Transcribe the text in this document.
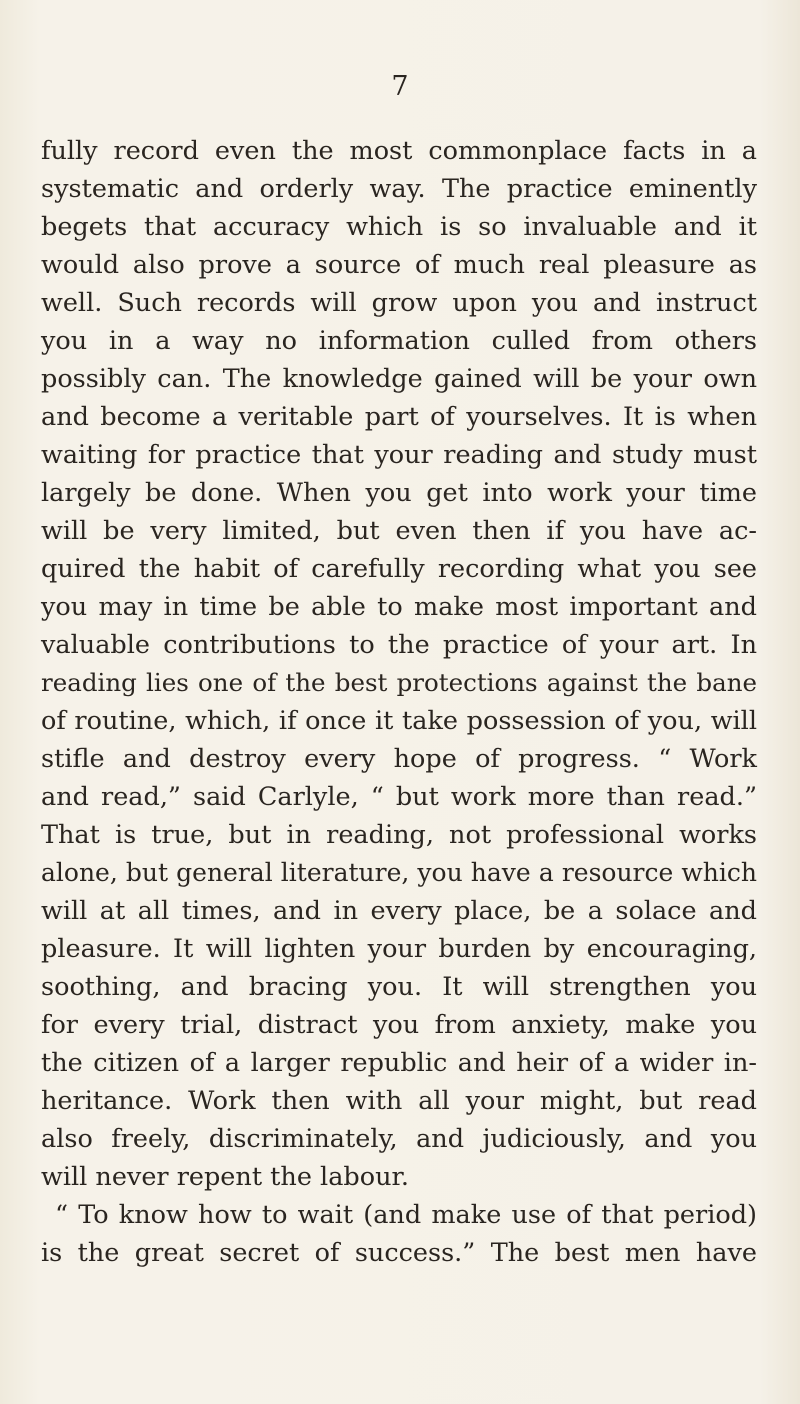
7
fully record even the most commonplace facts in a
systematic and orderly way. The practice eminently
begets that accuracy which is so invaluable and it
would also prove a source of much real pleasure as
well. Such records will grow upon you and instruct
you in a way no information culled from others
possibly can. The knowledge gained will be your own
and become a veritable part of yourselves. It is when
waiting for practice that your reading and study must
largely be done. When you get into work your time
will be very limited, but even then if you have ac-
quired the habit of carefully recording what you see
you may in time be able to make most important and
valuable contributions to the practice of your art. In
reading lies one of the best protections against the bane
of routine, which, if once it take possession of you, will
stifle and destroy every hope of progress. “ Work
and read,” said Carlyle, “ but work more than read.”
That is true, but in reading, not professional works
alone, but general literature, you have a resource which
will at all times, and in every place, be a solace and
pleasure. It will lighten your burden by encouraging,
soothing, and bracing you. It will strengthen you
for every trial, distract you from anxiety, make you
the citizen of a larger republic and heir of a wider in-
heritance. Work then with all your might, but read
also freely, discriminately, and judiciously, and you
will never repent the labour.
“ To know how to wait (and make use of that period)
is the great secret of success.” The best men have
